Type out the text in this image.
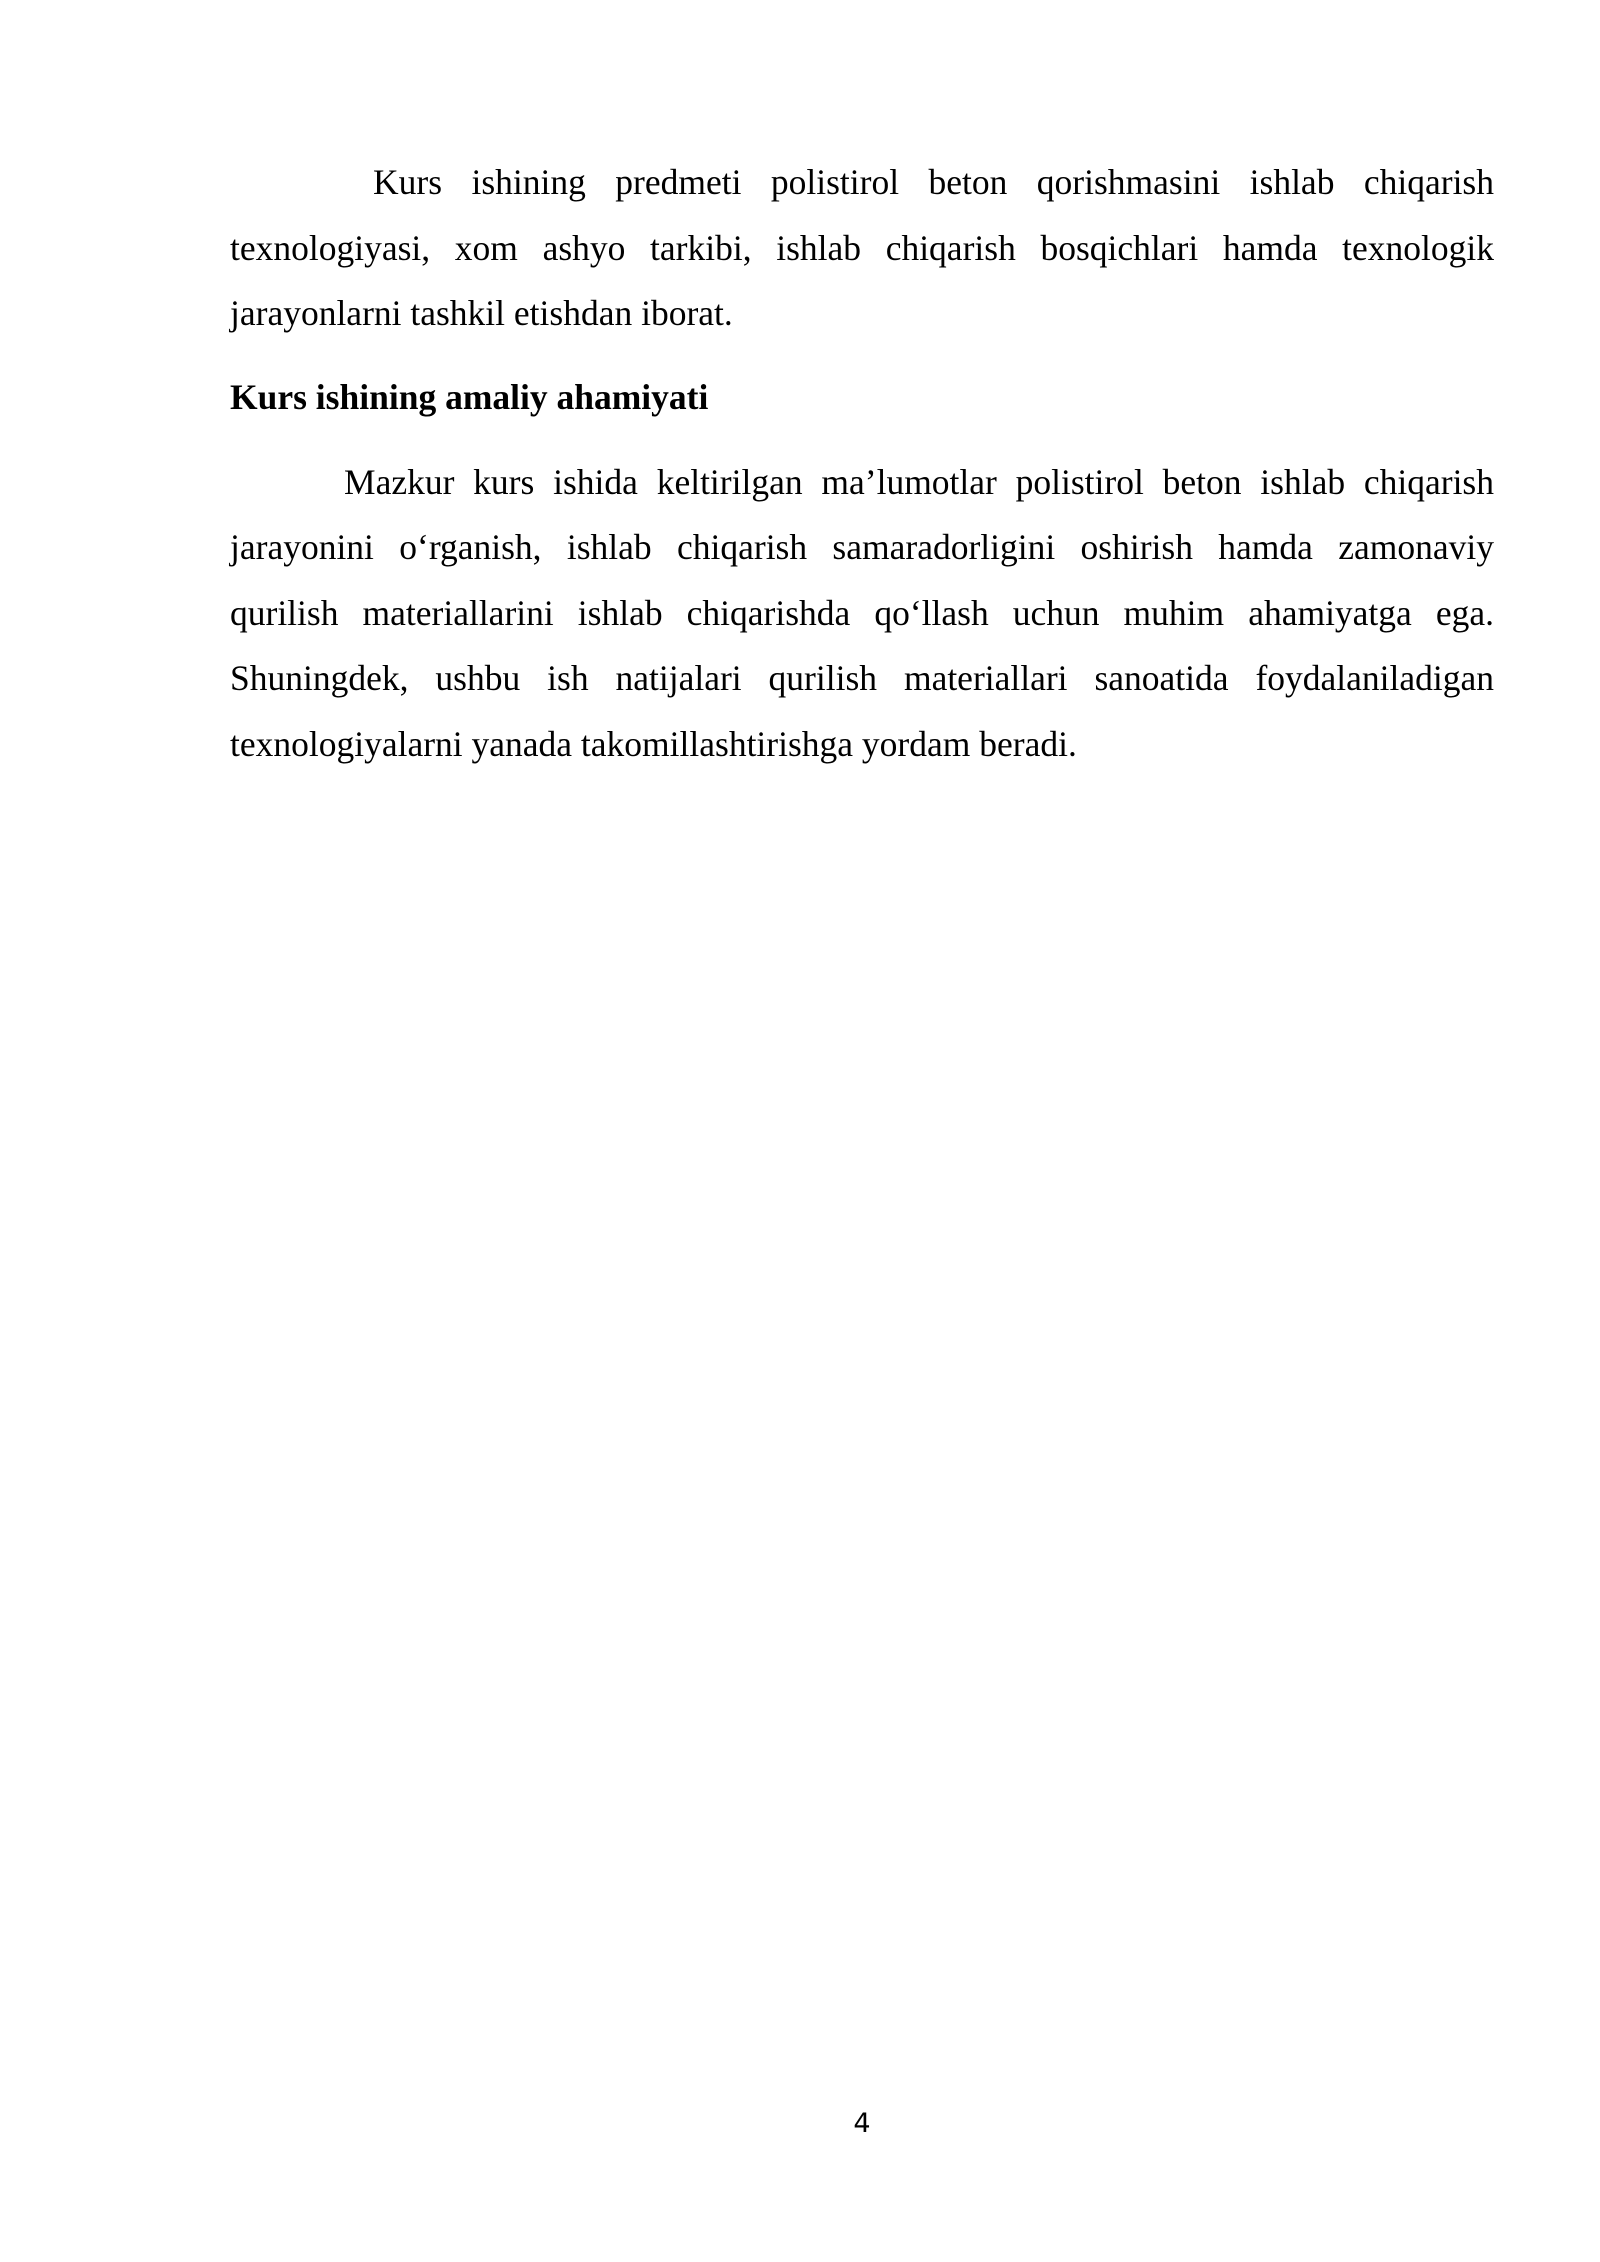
Kurs ishining predmeti polistirol beton qorishmasini ishlab chiqarish texnologiyasi, xom ashyo tarkibi, ishlab chiqarish bosqichlari hamda texnologik jarayonlarni tashkil etishdan iborat.

Kurs ishining amaliy ahamiyati

Mazkur kurs ishida keltirilgan ma’lumotlar polistirol beton ishlab chiqarish jarayonini o‘rganish, ishlab chiqarish samaradorligini oshirish hamda zamonaviy qurilish materiallarini ishlab chiqarishda qo‘llash uchun muhim ahamiyatga ega. Shuningdek, ushbu ish natijalari qurilish materiallari sanoatida foydalaniladigan texnologiyalarni yanada takomillashtirishga yordam beradi.

4
